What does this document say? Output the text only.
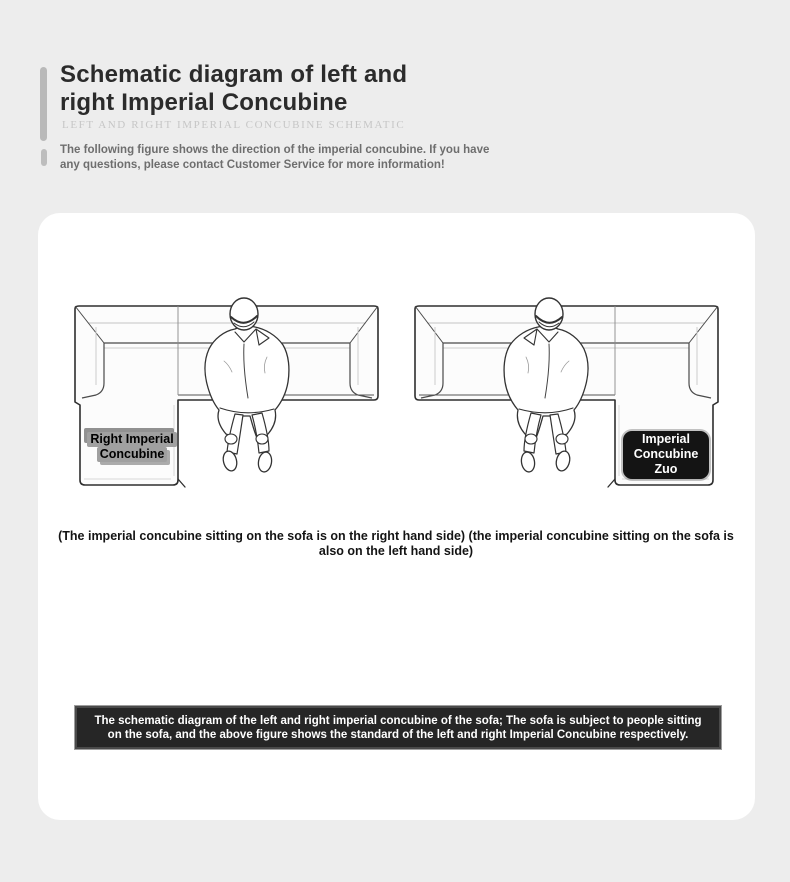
Schematic diagram of left and right Imperial Concubine
LEFT AND RIGHT IMPERIAL CONCUBINE SCHEMATIC

The following figure shows the direction of the imperial concubine. If you have any questions, please contact Customer Service for more information!

Right Imperial
Concubine
Imperial
Concubine Zuo

(The imperial concubine sitting on the sofa is on the right hand side) (the imperial concubine sitting on the sofa is also on the left hand side)

The schematic diagram of the left and right imperial concubine of the sofa; The sofa is subject to people sitting on the sofa, and the above figure shows the standard of the left and right Imperial Concubine respectively.
